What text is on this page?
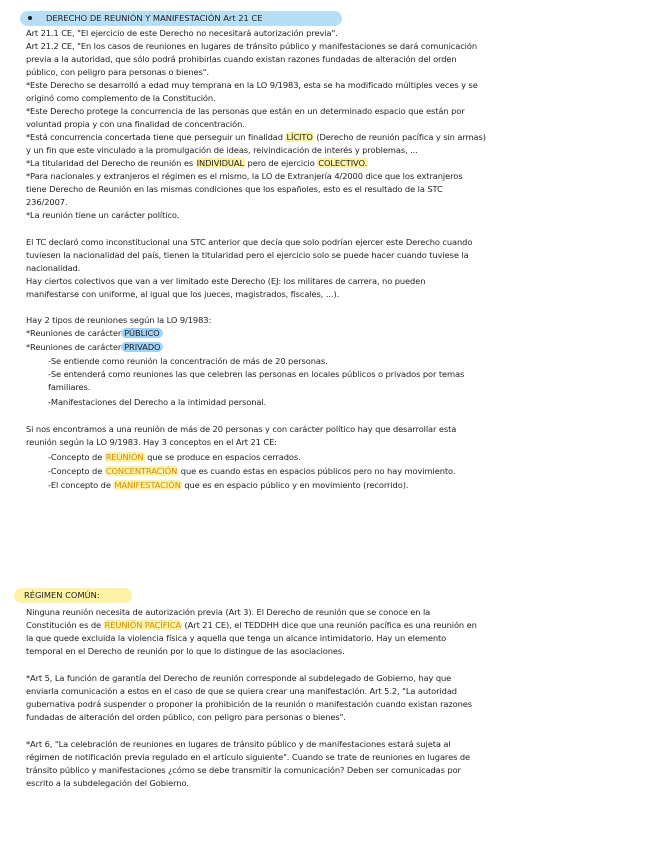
DERECHO DE REUNIÓN Y MANIFESTACIÓN Art 21 CE

Art 21.1 CE, "El ejercicio de este Derecho no necesitará autorización previa".

Art 21.2 CE, "En los casos de reuniones en lugares de tránsito público y manifestaciones se dará comunicación

previa a la autoridad, que sólo podrá prohibirlas cuando existan razones fundadas de alteración del orden

público, con peligro para personas o bienes".

*Este Derecho se desarrolló a edad muy temprana en la LO 9/1983, esta se ha modificado múltiples veces y se

originó como complemento de la Constitución.

*Este Derecho protege la concurrencia de las personas que están en un determinado espacio que están por

voluntad propia y con una finalidad de concentración.

*Está concurrencia concertada tiene que perseguir un finalidad LÍCITO (Derecho de reunión pacífica y sin armas)

y un fin que este vinculado a la promulgación de ideas, reivindicación de interés y problemas, ...

*La titularidad del Derecho de reunión es INDIVIDUAL pero de ejercicio COLECTIVO.

*Para nacionales y extranjeros el régimen es el mismo, la LO de Extranjería 4/2000 dice que los extranjeros

tiene Derecho de Reunión en las mismas condiciones que los españoles, esto es el resultado de la STC

236/2007.

*La reunión tiene un carácter político.

El TC declaró como inconstitucional una STC anterior que decía que solo podrían ejercer este Derecho cuando

tuviesen la nacionalidad del país, tienen la titularidad pero el ejercicio solo se puede hacer cuando tuviese la

nacionalidad.

Hay ciertos colectivos que van a ver limitado este Derecho (EJ: los militares de carrera, no pueden

manifestarse con uniforme, al igual que los jueces, magistrados, fiscales, ...).

Hay 2 tipos de reuniones según la LO 9/1983:

*Reuniones de carácter PÚBLICO

*Reuniones de carácter PRIVADO

-Se entiende como reunión la concentración de más de 20 personas.

-Se entenderá como reuniones las que celebren las personas en locales públicos o privados por temas

familiares.

-Manifestaciones del Derecho a la intimidad personal.

Si nos encontramos a una reunión de más de 20 personas y con carácter político hay que desarrollar esta

reunión según la LO 9/1983. Hay 3 conceptos en el Art 21 CE:

-Concepto de REUNIÓN que se produce en espacios cerrados.

-Concepto de CONCENTRACIÓN que es cuando estas en espacios públicos pero no hay movimiento.

-El concepto de MANIFESTACIÓN que es en espacio público y en movimiento (recorrido).

RÉGIMEN COMÚN:

Ninguna reunión necesita de autorización previa (Art 3). El Derecho de reunión que se conoce en la

Constitución es de REUNIÓN PACÍFICA (Art 21 CE), el TEDDHH dice que una reunión pacífica es una reunión en

la que quede excluida la violencia física y aquella que tenga un alcance intimidatorio. Hay un elemento

temporal en el Derecho de reunión por lo que lo distingue de las asociaciones.

*Art 5, La función de garantía del Derecho de reunión corresponde al subdelegado de Gobierno, hay que

enviarla comunicación a estos en el caso de que se quiera crear una manifestación. Art 5.2, "La autoridad

gubernativa podrá suspender o proponer la prohibición de la reunión o manifestación cuando existan razones

fundadas de alteración del orden público, con peligro para personas o bienes".

*Art 6, "La celebración de reuniones en lugares de tránsito público y de manifestaciones estará sujeta al

régimen de notificación previa regulado en el artículo siguiente". Cuando se trate de reuniones en lugares de

tránsito público y manifestaciones ¿cómo se debe transmitir la comunicación? Deben ser comunicadas por

escrito a la subdelegación del Gobierno.
